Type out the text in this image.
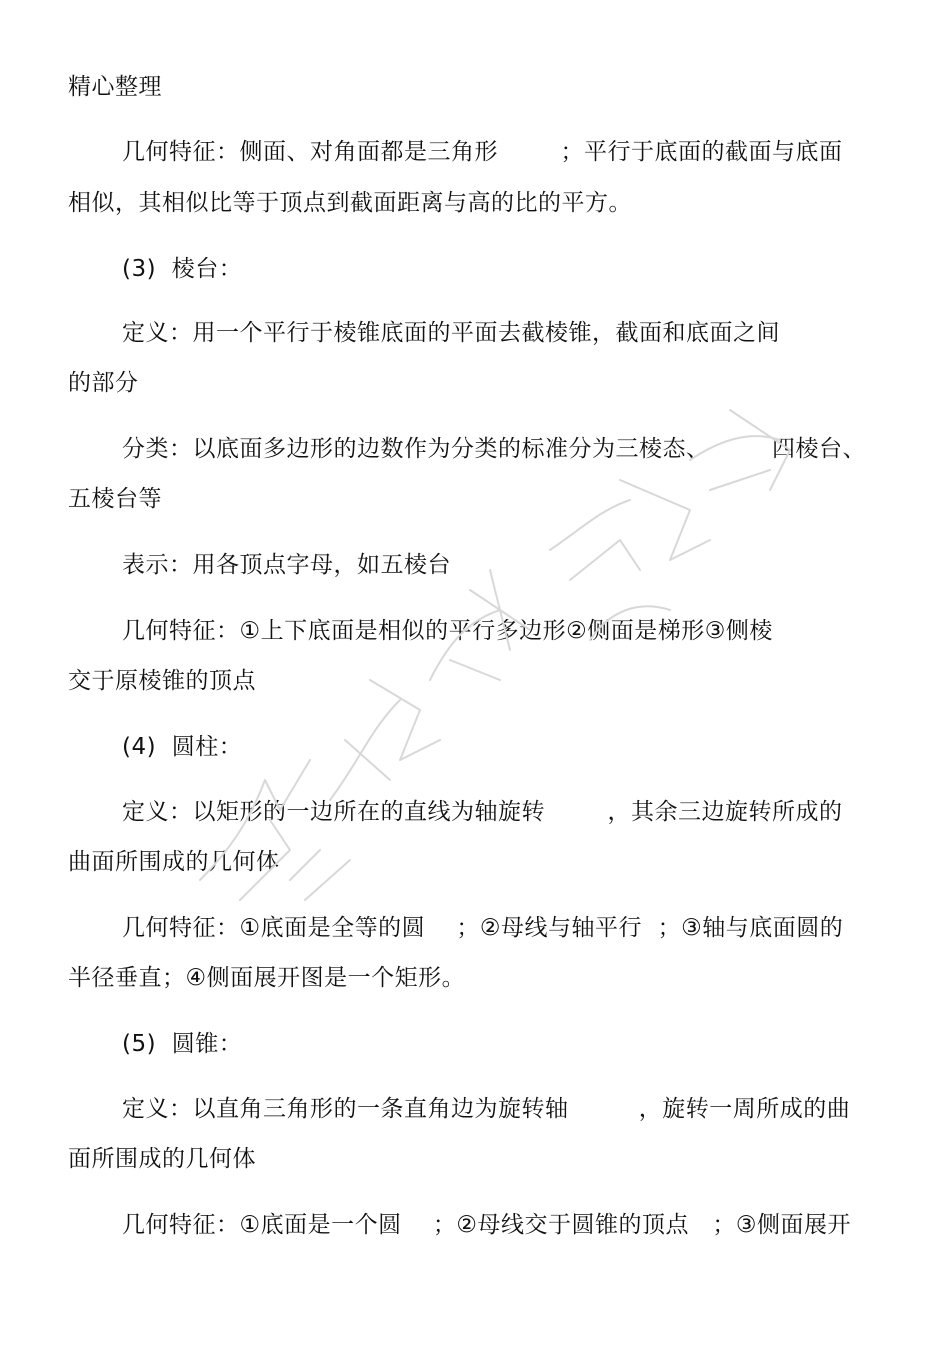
精心整理
几何特征：侧面、对角面都是三角形        ；平行于底面的截面与底面
相似，其相似比等于顶点到截面距离与高的比的平方。
(3)  棱台：
定义：用一个平行于棱锥底面的平面去截棱锥，截面和底面之间
的部分
分类：以底面多边形的边数作为分类的标准分为三棱态、        四棱台、
五棱台等
表示：用各顶点字母，如五棱台
几何特征：①上下底面是相似的平行多边形②侧面是梯形③侧棱
交于原棱锥的顶点
(4)  圆柱：
定义：以矩形的一边所在的直线为轴旋转        ，其余三边旋转所成的
曲面所围成的几何体
几何特征：①底面是全等的圆    ；②母线与轴平行  ；③轴与底面圆的
半径垂直；④侧面展开图是一个矩形。
(5)  圆锥：
定义：以直角三角形的一条直角边为旋转轴         ，旋转一周所成的曲
面所围成的几何体
几何特征：①底面是一个圆    ；②母线交于圆锥的顶点   ；③侧面展开
